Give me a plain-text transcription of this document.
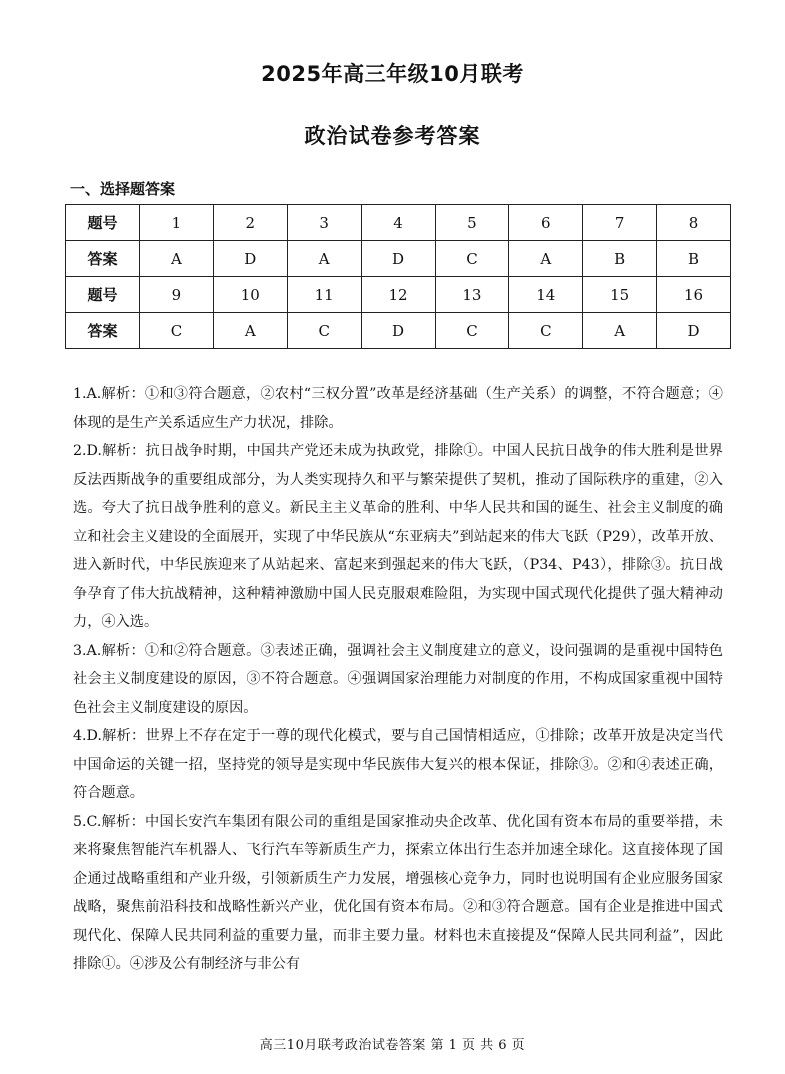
2025年高三年级10月联考
政治试卷参考答案
一、选择题答案
题号	1	2	3	4	5	6	7	8
答案	A	D	A	D	C	A	B	B
题号	9	10	11	12	13	14	15	16
答案	C	A	C	D	C	C	A	D

1.A.解析：①和③符合题意，②农村“三权分置”改革是经济基础（生产关系）的调整，不符合题意；④体现的是生产关系适应生产力状况，排除。

2.D.解析：抗日战争时期，中国共产党还未成为执政党，排除①。中国人民抗日战争的伟大胜利是世界反法西斯战争的重要组成部分，为人类实现持久和平与繁荣提供了契机，推动了国际秩序的重建，②入选。夸大了抗日战争胜利的意义。新民主主义革命的胜利、中华人民共和国的诞生、社会主义制度的确立和社会主义建设的全面展开，实现了中华民族从“东亚病夫”到站起来的伟大飞跃（P29），改革开放、进入新时代，中华民族迎来了从站起来、富起来到强起来的伟大飞跃，（P34、P43），排除③。抗日战争孕育了伟大抗战精神，这种精神激励中国人民克服艰难险阻，为实现中国式现代化提供了强大精神动力，④入选。

3.A.解析：①和②符合题意。③表述正确，强调社会主义制度建立的意义，设问强调的是重视中国特色社会主义制度建设的原因，③不符合题意。④强调国家治理能力对制度的作用，不构成国家重视中国特色社会主义制度建设的原因。

4.D.解析：世界上不存在定于一尊的现代化模式，要与自己国情相适应，①排除；改革开放是决定当代中国命运的关键一招，坚持党的领导是实现中华民族伟大复兴的根本保证，排除③。②和④表述正确，符合题意。

5.C.解析：中国长安汽车集团有限公司的重组是国家推动央企改革、优化国有资本布局的重要举措，未来将聚焦智能汽车机器人、飞行汽车等新质生产力，探索立体出行生态并加速全球化。这直接体现了国企通过战略重组和产业升级，引领新质生产力发展，增强核心竞争力，同时也说明国有企业应服务国家战略，聚焦前沿科技和战略性新兴产业，优化国有资本布局。②和③符合题意。国有企业是推进中国式现代化、保障人民共同利益的重要力量，而非主要力量。材料也未直接提及“保障人民共同利益”，因此排除①。④涉及公有制经济与非公有

高三10月联考政治试卷答案 第 1 页 共 6 页
